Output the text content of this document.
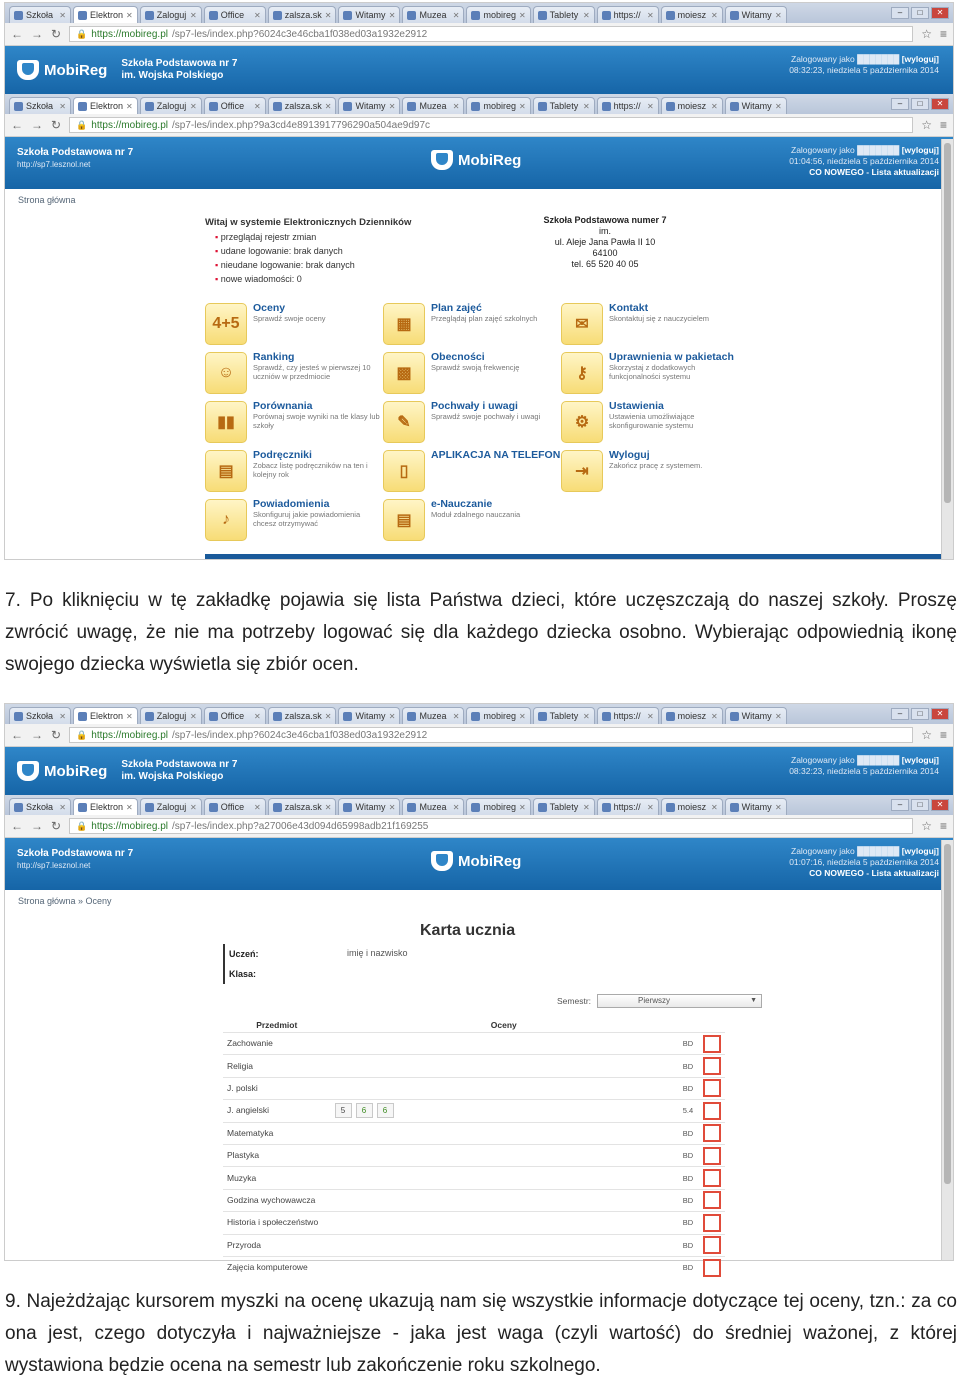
Szkoła ✕	Elektron ✕	Zaloguj ✕	Office ✕	zalsza.sk ✕	Witamy ✕	Muzea ✕	mobireg ✕	Tablety ✕	https:// ✕	moiesz ✕	Witamy ✕	–	□	✕
← → ↻ 🔒 https://mobireg.pl /sp7-les/index.php?6024c3e46cba1f038ed03a1932e2912	☆ ≡
MobiReg Szkoła Podstawowa nr 7
im. Wojska Polskiego
Zalogowany jako ███████ [wyloguj]
08:32:23, niedziela 5 października 2014
Szkoła ✕	Elektron ✕	Zaloguj ✕	Office ✕	zalsza.sk ✕	Witamy ✕	Muzea ✕	mobireg ✕	Tablety ✕	https:// ✕	moiesz ✕	Witamy ✕	–	□	✕
← → ↻ 🔒 https://mobireg.pl /sp7-les/index.php?9a3cd4e8913917796290a504ae9d97c	☆ ≡
Szkoła Podstawowa nr 7
http://sp7.lesznol.net	MobiReg
Zalogowany jako ███████ [wyloguj]
01:04:56, niedziela 5 października 2014
CO NOWEGO - Lista aktualizacji
Strona główna
Witaj w systemie Elektronicznych Dzienników
▪ przeglądaj rejestr zmian
▪ udane logowanie: brak danych
▪ nieudane logowanie: brak danych
▪ nowe wiadomości: 0
Szkoła Podstawowa numer 7
im.
ul. Aleje Jana Pawła II 10
64100
tel. 65 520 40 05
4+5
Oceny
Sprawdź swoje oceny	▦
Plan zajęć
Przeglądaj plan zajęć szkolnych	✉
Kontakt
Skontaktuj się z nauczycielem
☺
Ranking
Sprawdź, czy jesteś w pierwszej 10 uczniów w przedmiocie	▩
Obecności
Sprawdź swoją frekwencję	⚷
Uprawnienia w pakietach
Skorzystaj z dodatkowych funkcjonalności systemu
▮▮
Porównania
Porównaj swoje wyniki na tle klasy lub szkoły	✎
Pochwały i uwagi
Sprawdź swoje pochwały i uwagi	⚙
Ustawienia
Ustawienia umożliwiające skonfigurowanie systemu
▤
Podręczniki
Zobacz listę podręczników na ten i kolejny rok	▯
APLIKACJA NA TELEFON
⇥
Wyloguj
Zakończ pracę z systemem.
♪
Powiadomienia
Skonfiguruj jakie powiadomienia chcesz otrzymywać	▤
e-Nauczanie
Moduł zdalnego nauczania
7. Po kliknięciu w tę zakładkę pojawia się lista Państwa dzieci, które uczęszczają do naszej szkoły. Proszę zwrócić uwagę, że nie ma potrzeby logować się dla każdego dziecka osobno. Wybierając odpowiednią ikonę swojego dziecka wyświetla się zbiór ocen.
Szkoła ✕	Elektron ✕	Zaloguj ✕	Office ✕	zalsza.sk ✕	Witamy ✕	Muzea ✕	mobireg ✕	Tablety ✕	https:// ✕	moiesz ✕	Witamy ✕	–	□	✕
← → ↻ 🔒 https://mobireg.pl /sp7-les/index.php?6024c3e46cba1f038ed03a1932e2912	☆ ≡
MobiReg Szkoła Podstawowa nr 7
im. Wojska Polskiego
Zalogowany jako ███████ [wyloguj]
08:32:23, niedziela 5 października 2014
Szkoła ✕	Elektron ✕	Zaloguj ✕	Office ✕	zalsza.sk ✕	Witamy ✕	Muzea ✕	mobireg ✕	Tablety ✕	https:// ✕	moiesz ✕	Witamy ✕	–	□	✕
← → ↻ 🔒 https://mobireg.pl /sp7-les/index.php?a27006e43d094d65998adb21f169255	☆ ≡
Szkoła Podstawowa nr 7
http://sp7.lesznol.net	MobiReg
Zalogowany jako ███████ [wyloguj]
01:07:16, niedziela 5 października 2014
CO NOWEGO - Lista aktualizacji
Strona główna » Oceny
Karta ucznia
Uczeń:
Klasa:
imię i nazwisko
Semestr:	Pierwszy ▼
Przedmiot	Oceny		
Zachowanie		BD	

Religia		BD	

J. polski		BD	

J. angielski	5 6 6	5.4	

Matematyka		BD	

Plastyka		BD	

Muzyka		BD	

Godzina wychowawcza		BD	

Historia i społeczeństwo		BD	

Przyroda		BD	

Zajęcia komputerowe		BD	
9. Najeżdżając kursorem myszki na ocenę ukazują nam się wszystkie informacje dotyczące tej oceny, tzn.: za co ona jest, czego dotyczyła i najważniejsze - jaka jest waga (czyli wartość) do średniej ważonej, z której wystawiona będzie ocena na semestr lub zakończenie roku szkolnego.
